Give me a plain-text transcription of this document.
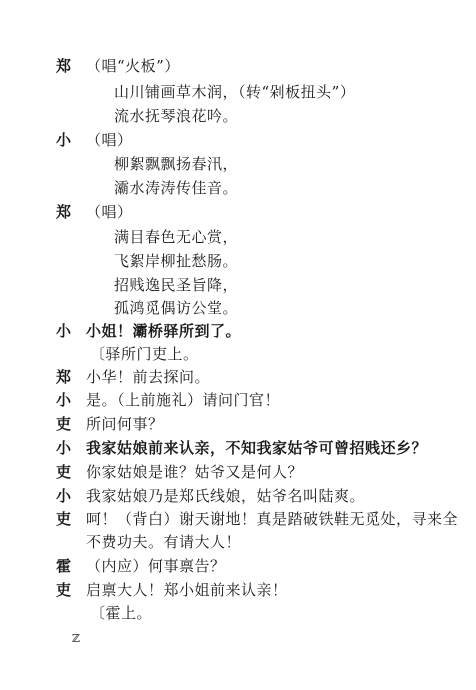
郑 （唱“火板”）
山川铺画草木润，（转“剁板扭头”）
流水抚琴浪花吟。
小 （唱）
柳絮飘飘扬春汛，
灞水涛涛传佳音。
郑 （唱）
满目春色无心赏，
飞絮岸柳扯愁肠。
招贱逸民圣旨降，
孤鸿觅偶访公堂。
小 小姐！灞桥驿所到了。
〔驿所门吏上。
郑 小华！前去探问。
小 是。（上前施礼）请问门官！
吏 所问何事？
小 我家姑娘前来认亲，不知我家姑爷可曾招贱还乡？
吏 你家姑娘是谁？姑爷又是何人？
小 我家姑娘乃是郑氏线娘，姑爷名叫陆爽。
吏 呵！（背白）谢天谢地！真是踏破铁鞋无觅处，寻来全
不费功夫。有请大人！
霍 （内应）何事禀告？
吏 启禀大人！郑小姐前来认亲！
〔霍上。
ℤ
